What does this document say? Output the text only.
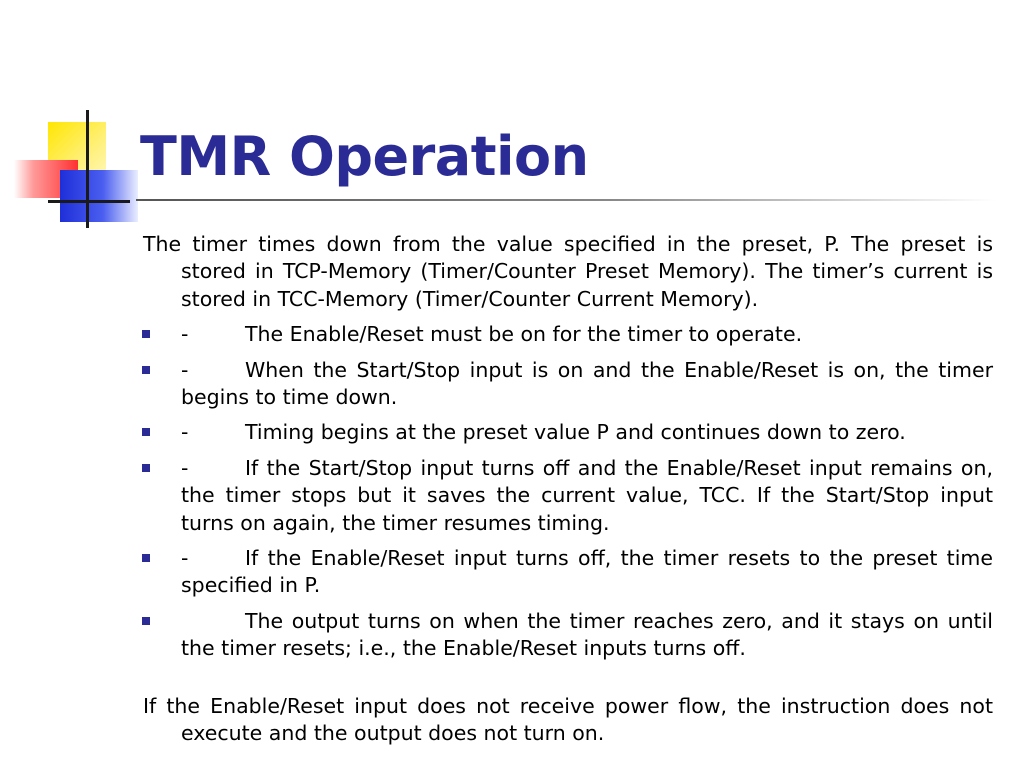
TMR Operation

The timer times down from the value specified in the preset, P. The preset is stored in TCP-Memory (Timer/Counter Preset Memory). The timer’s current is stored in TCC-Memory (Timer/Counter Current Memory).

-	The Enable/Reset must be on for the timer to operate.
-	When the Start/Stop input is on and the Enable/Reset is on, the timer begins to time down.
-	Timing begins at the preset value P and continues down to zero.
-	If the Start/Stop input turns off and the Enable/Reset input remains on, the timer stops but it saves the current value, TCC. If the Start/Stop input turns on again, the timer resumes timing.
-	If the Enable/Reset input turns off, the timer resets to the preset time specified in P.
The output turns on when the timer reaches zero, and it stays on until the timer resets; i.e., the Enable/Reset inputs turns off.

If the Enable/Reset input does not receive power flow, the instruction does not execute and the output does not turn on.
